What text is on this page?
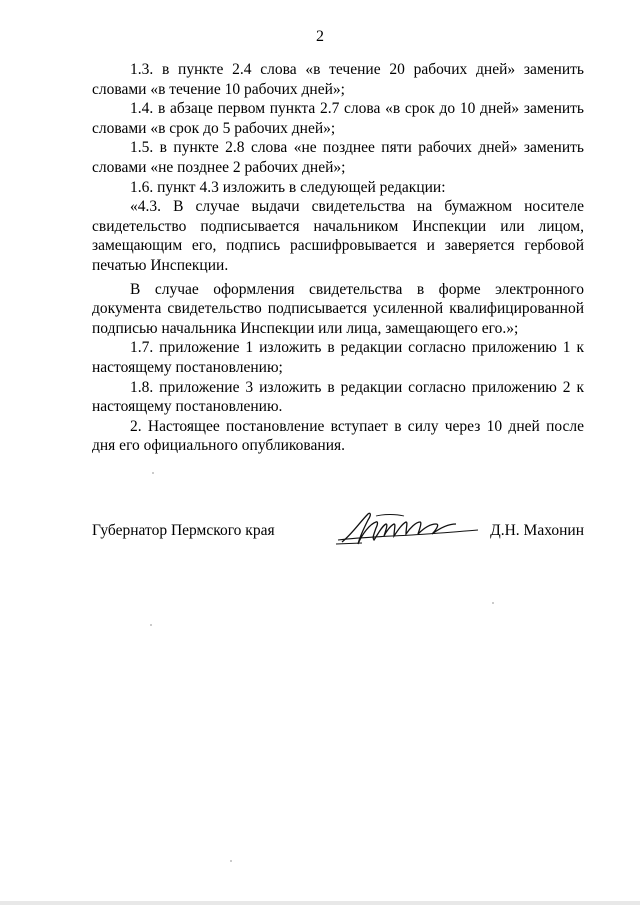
2

1.3. в пункте 2.4 слова «в течение 20 рабочих дней» заменить словами «в течение 10 рабочих дней»;

1.4. в абзаце первом пункта 2.7 слова «в срок до 10 дней» заменить словами «в срок до 5 рабочих дней»;

1.5. в пункте 2.8 слова «не позднее пяти рабочих дней» заменить словами «не позднее 2 рабочих дней»;

1.6. пункт 4.3 изложить в следующей редакции:

«4.3. В случае выдачи свидетельства на бумажном носителе свидетельство подписывается начальником Инспекции или лицом, замещающим его, подпись расшифровывается и заверяется гербовой печатью Инспекции.

В случае оформления свидетельства в форме электронного документа свидетельство подписывается усиленной квалифицированной подписью начальника Инспекции или лица, замещающего его.»;

1.7. приложение 1 изложить в редакции согласно приложению 1 к настоящему постановлению;

1.8. приложение 3 изложить в редакции согласно приложению 2 к настоящему постановлению.

2. Настоящее постановление вступает в силу через 10 дней после дня его официального опубликования.

Губернатор Пермского края	Д.Н. Махонин
